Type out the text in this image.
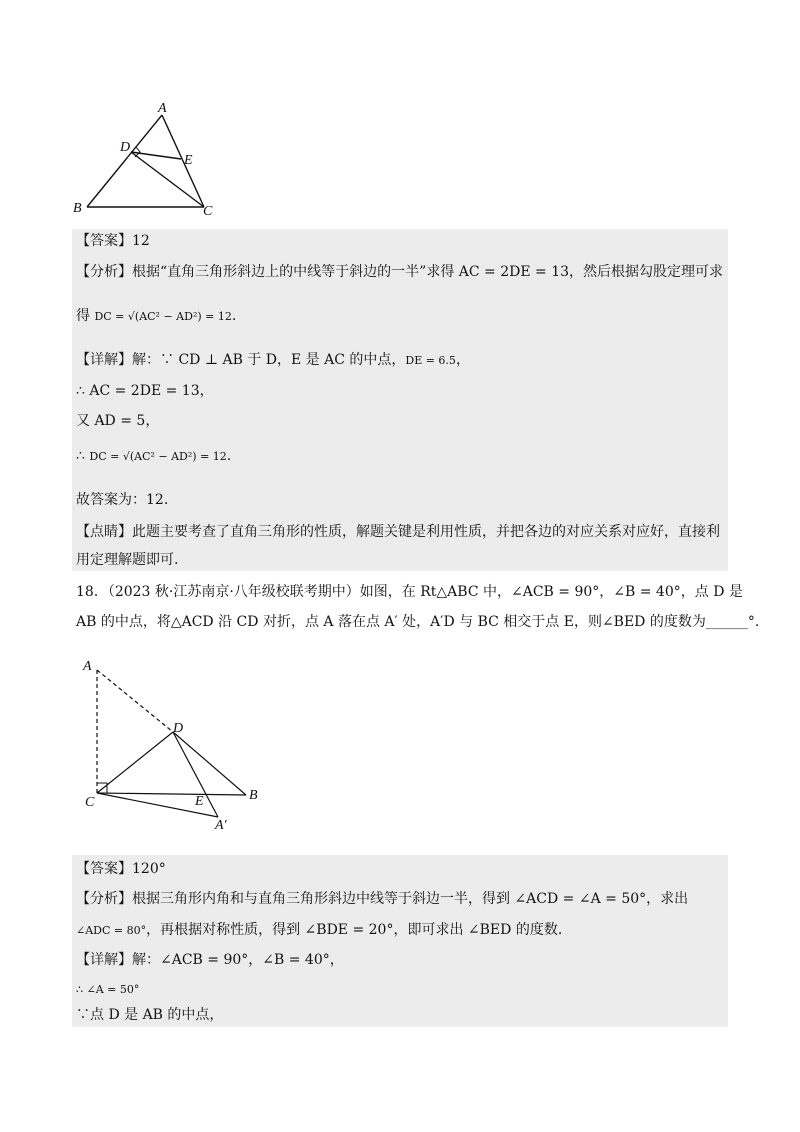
A
B	C
D
E
【答案】12
【分析】根据“直角三角形斜边上的中线等于斜边的一半”求得 AC = 2DE = 13，然后根据勾股定理可求
得 DC = √(AC² − AD²) = 12.
【详解】解：∵ CD ⊥ AB 于 D，E 是 AC 的中点，DE = 6.5，
∴ AC = 2DE = 13，
又 AD = 5，
∴ DC = √(AC² − AD²) = 12.
故答案为：12.
【点睛】此题主要考查了直角三角形的性质，解题关键是利用性质，并把各边的对应关系对应好，直接利
用定理解题即可.
18．（2023 秋·江苏南京·八年级校联考期中）如图，在 Rt△ABC 中，∠ACB = 90°，∠B = 40°，点 D 是
AB 的中点，将△ACD 沿 CD 对折，点 A 落在点 A′ 处，A′D 与 BC 相交于点 E，则∠BED 的度数为______°.
A
D
B
C	E
A′
【答案】120°
【分析】根据三角形内角和与直角三角形斜边中线等于斜边一半，得到 ∠ACD = ∠A = 50°，求出
∠ADC = 80°，再根据对称性质，得到 ∠BDE = 20°，即可求出 ∠BED 的度数.
【详解】解：∠ACB = 90°，∠B = 40°，
∴ ∠A = 50°
∵点 D 是 AB 的中点，
